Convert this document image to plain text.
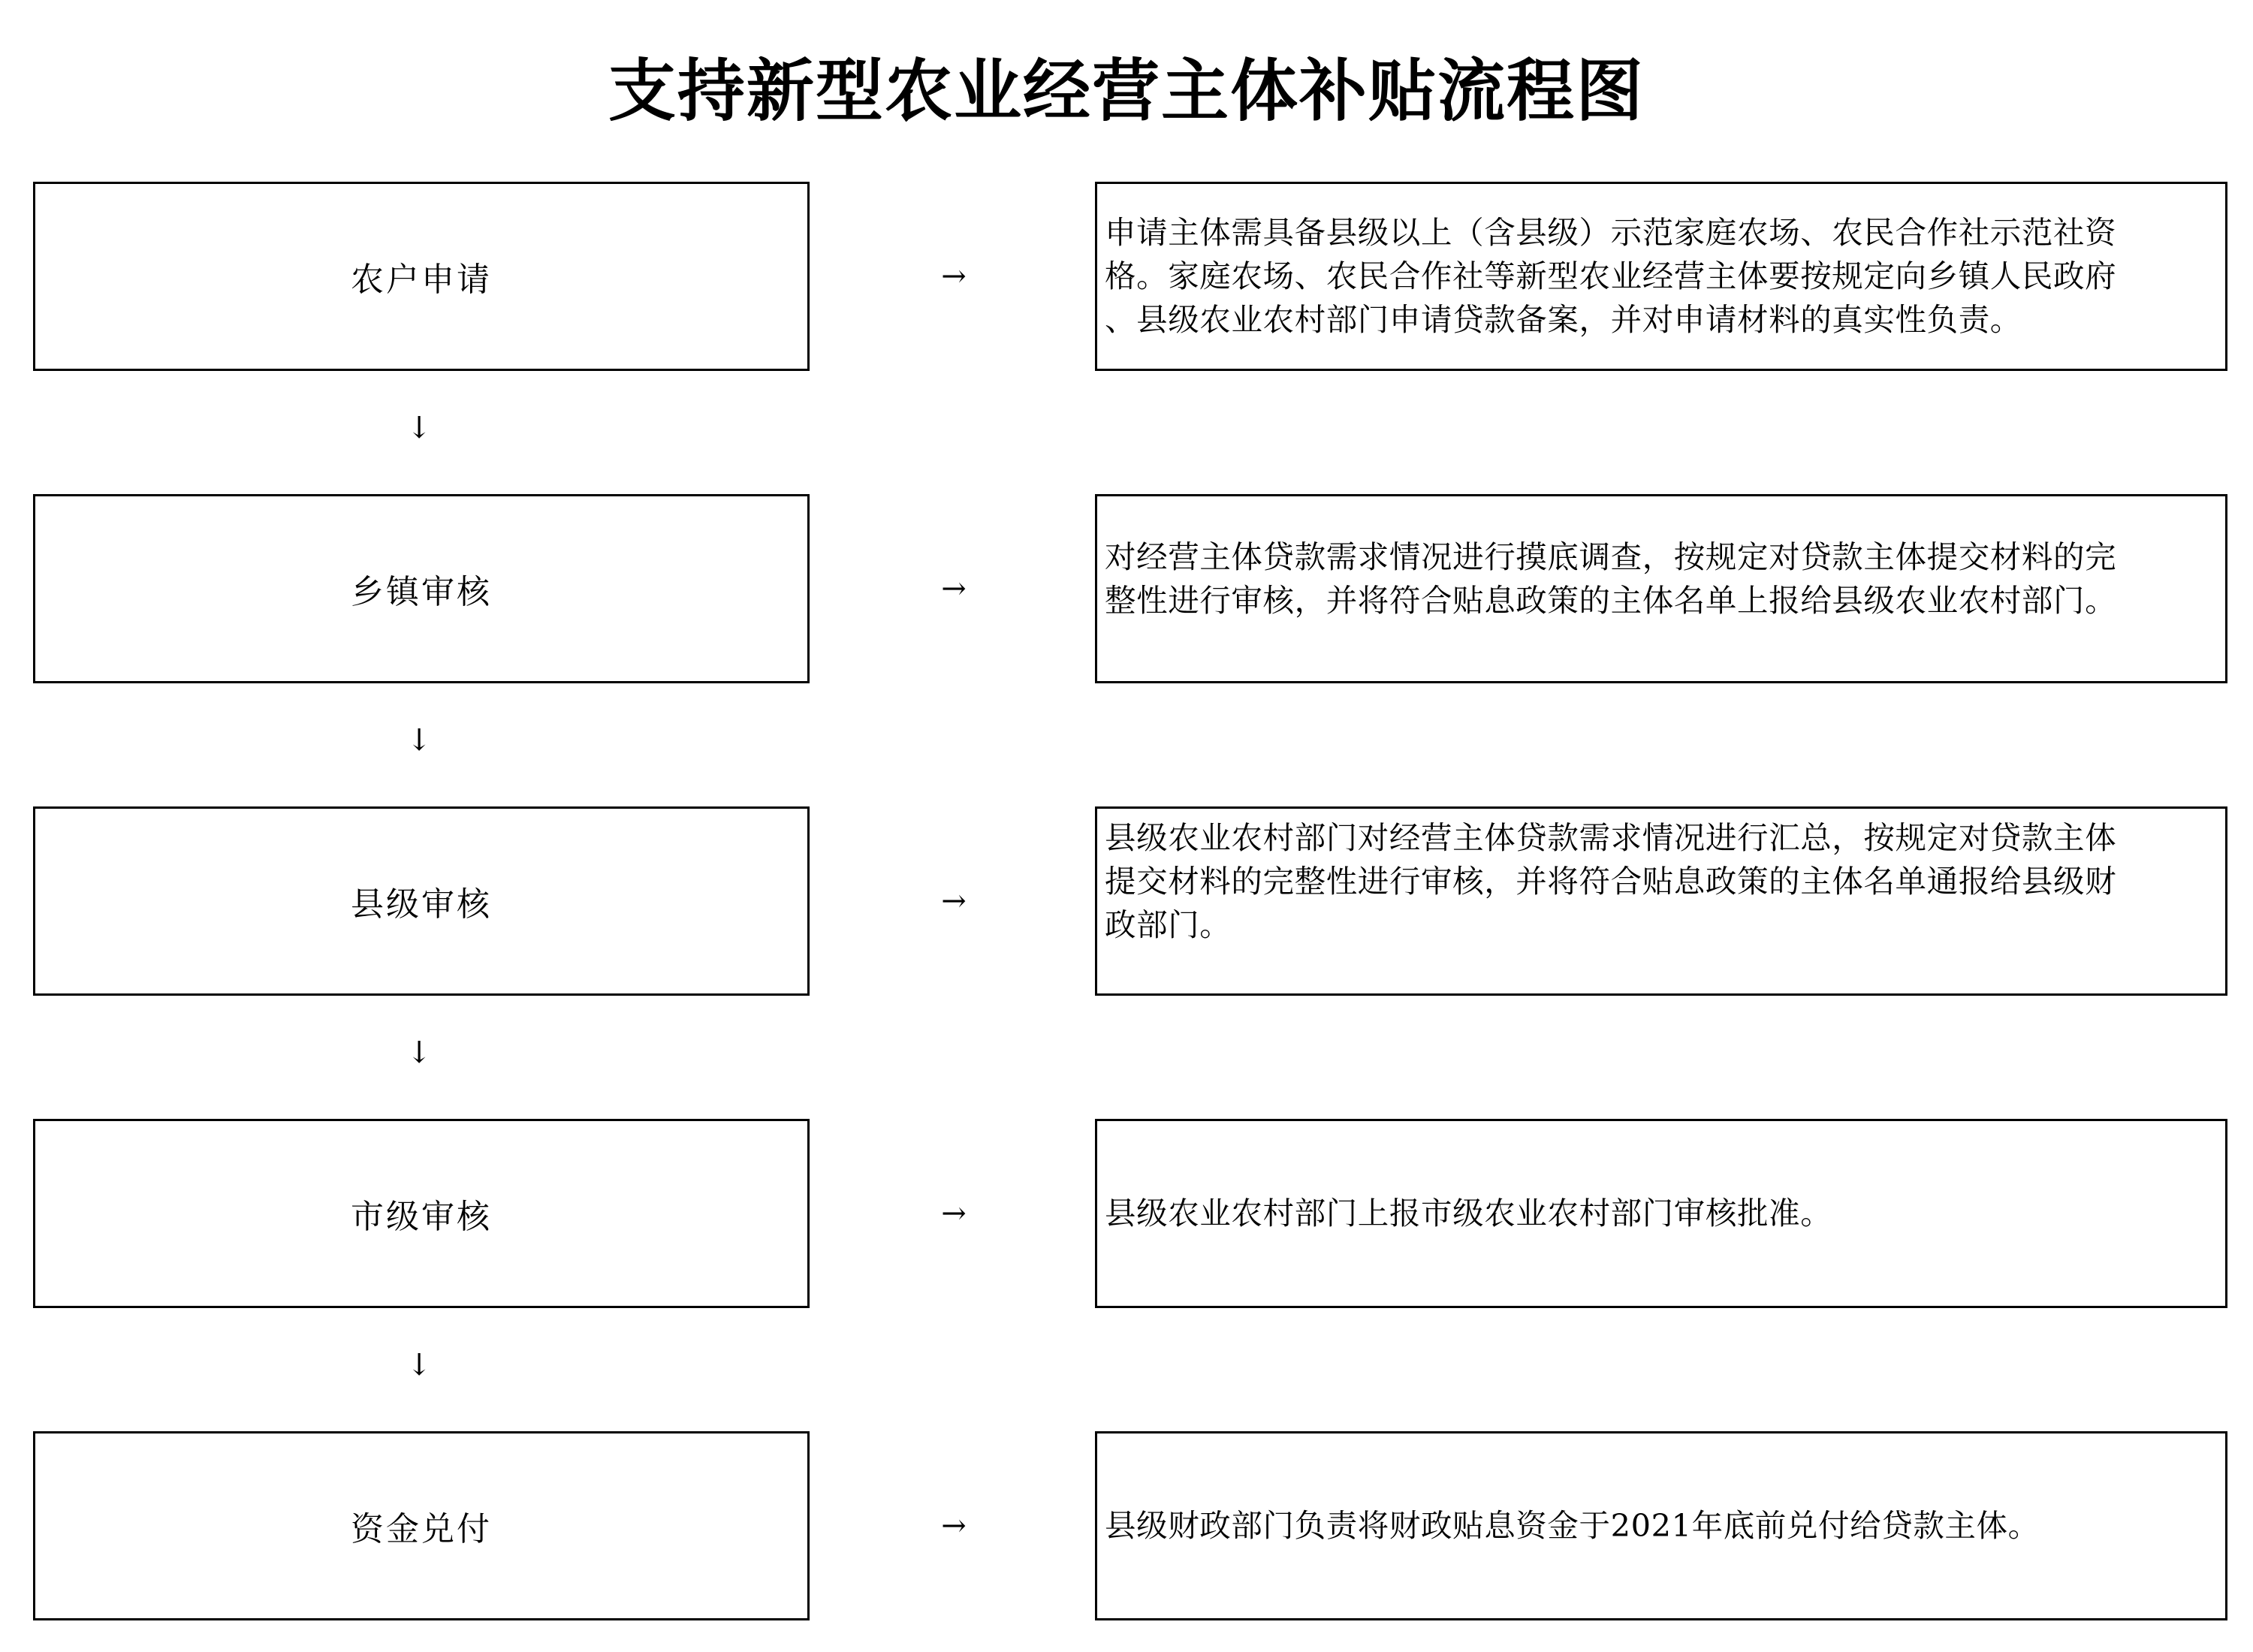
支持新型农业经营主体补贴流程图
农户申请	→
申请主体需具备县级以上（含县级）示范家庭农场、农民合作社示范社资
格。家庭农场、农民合作社等新型农业经营主体要按规定向乡镇人民政府
、县级农业农村部门申请贷款备案，并对申请材料的真实性负责。
↓
乡镇审核	→
对经营主体贷款需求情况进行摸底调查，按规定对贷款主体提交材料的完
整性进行审核，并将符合贴息政策的主体名单上报给县级农业农村部门。
↓
县级审核	→
县级农业农村部门对经营主体贷款需求情况进行汇总，按规定对贷款主体
提交材料的完整性进行审核，并将符合贴息政策的主体名单通报给县级财
政部门。
↓
市级审核	→	县级农业农村部门上报市级农业农村部门审核批准。
↓
资金兑付	→	县级财政部门负责将财政贴息资金于2021年底前兑付给贷款主体。
